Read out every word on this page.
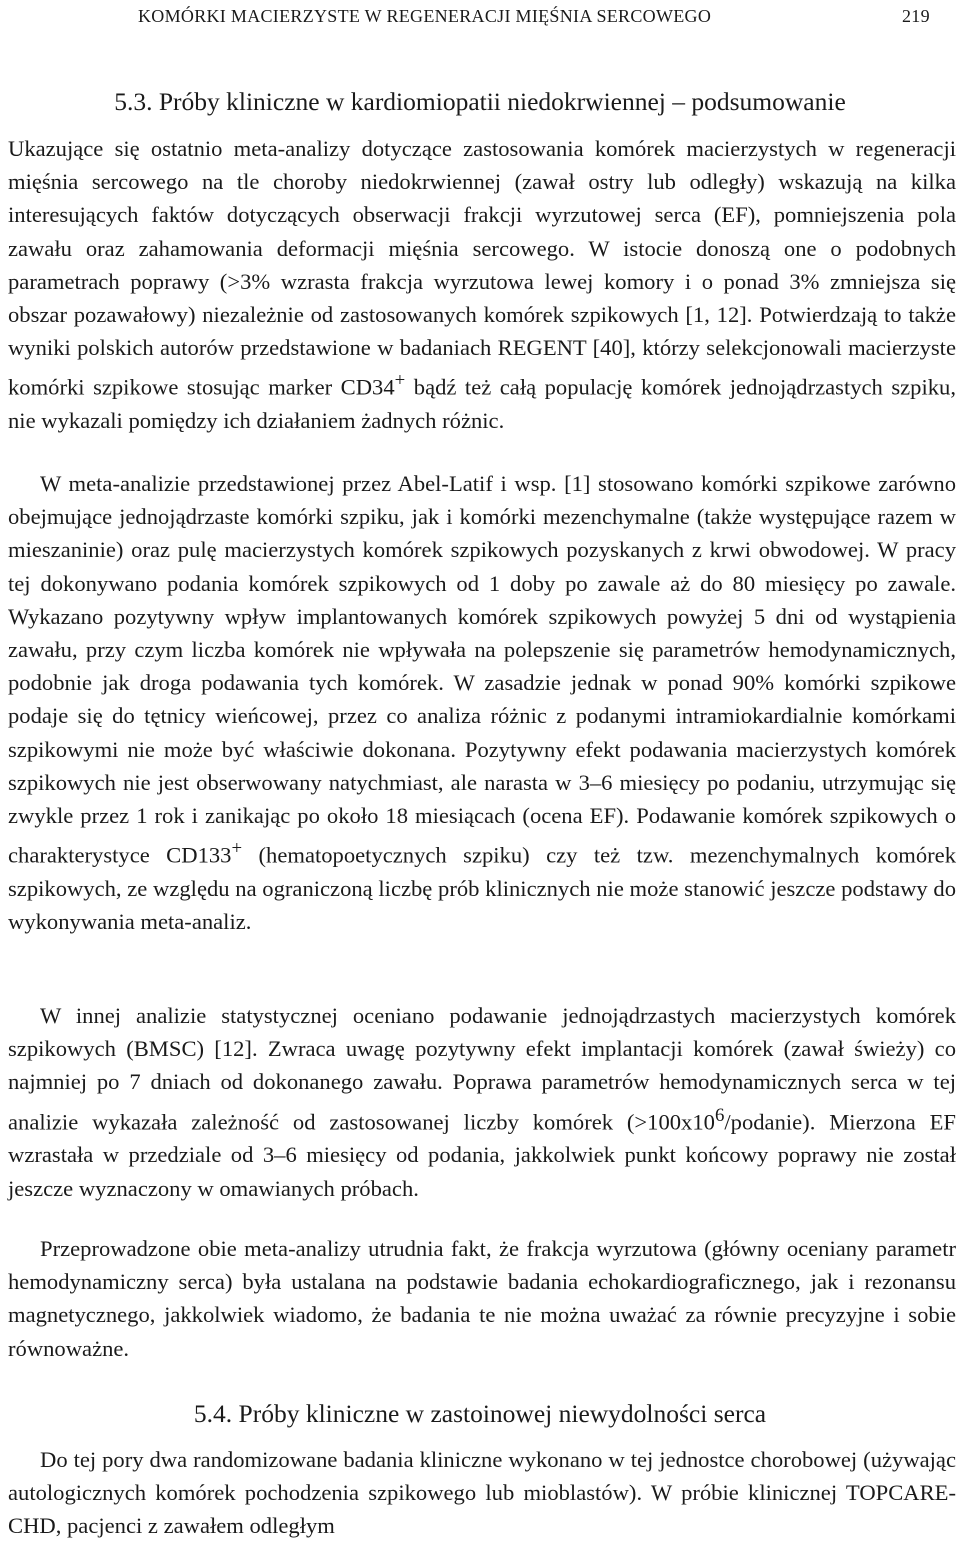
KOMÓRKI MACIERZYSTE W REGENERACJI MIĘŚNIA SERCOWEGO	219
5.3. Próby kliniczne w kardiomiopatii niedokrwiennej – podsumowanie

Ukazujące się ostatnio meta-analizy dotyczące zastosowania komórek macierzystych w regeneracji mięśnia sercowego na tle choroby niedokrwiennej (zawał ostry lub odległy) wskazują na kilka interesujących faktów dotyczących obserwacji frakcji wyrzutowej serca (EF), pomniejszenia pola zawału oraz zahamowania deformacji mięśnia sercowego. W istocie donoszą one o podobnych parametrach poprawy (>3% wzrasta frakcja wyrzutowa lewej komory i o ponad 3% zmniejsza się obszar pozawałowy) niezależnie od zastosowanych komórek szpikowych [1, 12]. Potwierdzają to także wyniki polskich autorów przedstawione w badaniach REGENT [40], którzy selekcjonowali macierzyste komórki szpikowe stosując marker CD34+ bądź też całą populację komórek jednojądrzastych szpiku, nie wykazali pomiędzy ich działaniem żadnych różnic.

W meta-analizie przedstawionej przez Abel-Latif i wsp. [1] stosowano komórki szpikowe zarówno obejmujące jednojądrzaste komórki szpiku, jak i komórki mezenchymalne (także występujące razem w mieszaninie) oraz pulę macierzystych komórek szpikowych pozyskanych z krwi obwodowej. W pracy tej dokonywano podania komórek szpikowych od 1 doby po zawale aż do 80 miesięcy po zawale. Wykazano pozytywny wpływ implantowanych komórek szpikowych powyżej 5 dni od wystąpienia zawału, przy czym liczba komórek nie wpływała na polepszenie się parametrów hemodynamicznych, podobnie jak droga podawania tych komórek. W zasadzie jednak w ponad 90% komórki szpikowe podaje się do tętnicy wieńcowej, przez co analiza różnic z podanymi intramiokardialnie komórkami szpikowymi nie może być właściwie dokonana. Pozytywny efekt podawania macierzystych komórek szpikowych nie jest obserwowany natychmiast, ale narasta w 3–6 miesięcy po podaniu, utrzymując się zwykle przez 1 rok i zanikając po około 18 miesiącach (ocena EF). Podawanie komórek szpikowych o charakterystyce CD133+ (hematopoetycznych szpiku) czy też tzw. mezenchymalnych komórek szpikowych, ze względu na ograniczoną liczbę prób klinicznych nie może stanowić jeszcze podstawy do wykonywania meta-analiz.

W innej analizie statystycznej oceniano podawanie jednojądrzastych macierzystych komórek szpikowych (BMSC) [12]. Zwraca uwagę pozytywny efekt implantacji komórek (zawał świeży) co najmniej po 7 dniach od dokonanego zawału. Poprawa parametrów hemodynamicznych serca w tej analizie wykazała zależność od zastosowanej liczby komórek $(>100x10^6/podanie)$. Mierzona EF wzrastała w przedziale od 3–6 miesięcy od podania, jakkolwiek punkt końcowy poprawy nie został jeszcze wyznaczony w omawianych próbach.

Przeprowadzone obie meta-analizy utrudnia fakt, że frakcja wyrzutowa (główny oceniany parametr hemodynamiczny serca) była ustalana na podstawie badania echokardiograficznego, jak i rezonansu magnetycznego, jakkolwiek wiadomo, że badania te nie można uważać za równie precyzyjne i sobie równoważne.

5.4. Próby kliniczne w zastoinowej niewydolności serca

Do tej pory dwa randomizowane badania kliniczne wykonano w tej jednostce chorobowej (używając autologicznych komórek pochodzenia szpikowego lub mioblastów). W próbie klinicznej TOPCARE-CHD, pacjenci z zawałem odległym
